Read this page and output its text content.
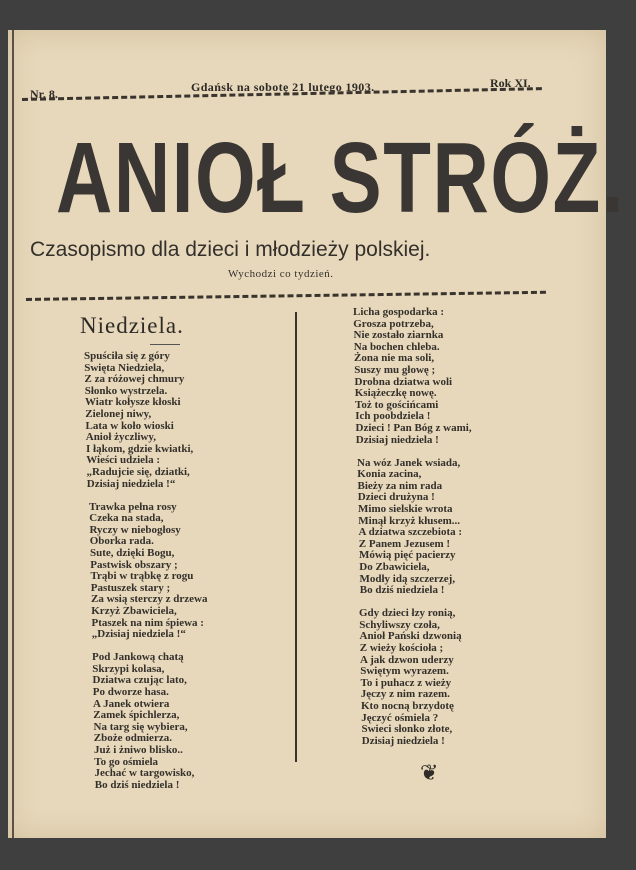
Nr. 8.	Gdańsk na sobotę 21 lutego 1903.	Rok XI.
ANIOŁ STRÓŻ.
Czasopismo dla dzieci i młodzieży polskiej.
Wychodzi co tydzień.
Niedziela.
Spuściła się z góry
Swięta Niedziela,
Z za różowej chmury
Słonko wystrzela.
Wiatr kołysze kłoski
Zielonej niwy,
Lata w koło wioski
Anioł życzliwy,
I łąkom, gdzie kwiatki,
Wieści udziela :
„Radujcie się, dziatki,
Dzisiaj niedziela !“
Trawka pełna rosy
Czeka na stada,
Ryczy w niebogłosy
Oborka rada.
Sute, dzięki Bogu,
Pastwisk obszary ;
Trąbi w trąbkę z rogu
Pastuszek stary ;
Za wsią sterczy z drzewa
Krzyż Zbawiciela,
Ptaszek na nim śpiewa :
„Dzisiaj niedziela !“
Pod Jankową chatą
Skrzypi kolasa,
Dziatwa czując lato,
Po dworze hasa.
A Janek otwiera
Zamek śpichlerza,
Na targ się wybiera,
Zboże odmierza.
Już i żniwo blisko..
To go ośmiela
Jechać w targowisko,
Bo dziś niedziela !
Licha gospodarka :
Grosza potrzeba,
Nie zostało ziarnka
Na bochen chleba.
Żona nie ma soli,
Suszy mu głowę ;
Drobna dziatwa woli
Książeczkę nowę.
Toż to gościńcami
Ich poobdziela !
Dzieci ! Pan Bóg z wami,
Dzisiaj niedziela !
Na wóz Janek wsiada,
Konia zacina,
Bieży za nim rada
Dzieci drużyna !
Mimo sielskie wrota
Minął krzyż kłusem...
A dziatwa szczebiota :
Z Panem Jezusem !
Mówią pięć pacierzy
Do Zbawiciela,
Modły idą szczerzej,
Bo dziś niedziela !
Gdy dzieci łzy ronią,
Schyliwszy czoła,
Anioł Pański dzwonią
Z wieży kościoła ;
A jak dzwon uderzy
Swiętym wyrazem.
To i puhacz z wieży
Jęczy z nim razem.
Kto nocną brzydotę
Jęczyć ośmiela ?
Swieci słonko złote,
Dzisiaj niedziela !
❦
